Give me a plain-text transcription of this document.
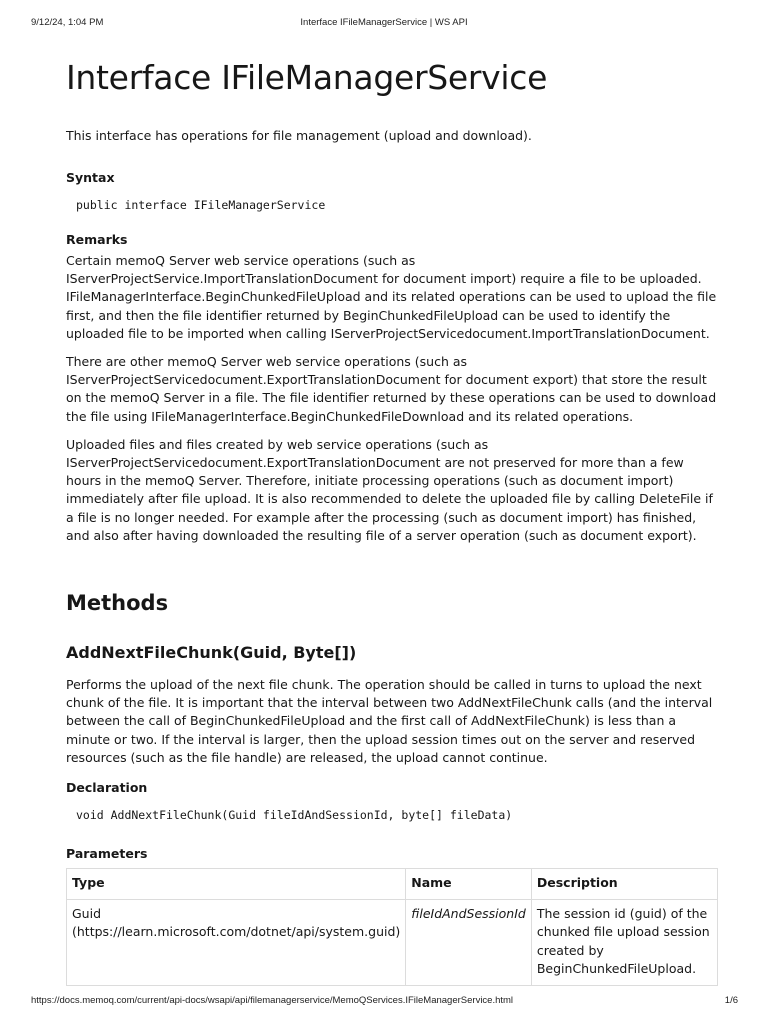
9/12/24, 1:04 PM	Interface IFileManagerService | WS API
Interface IFileManagerService

This interface has operations for file management (upload and download).

Syntax
public interface IFileManagerService
Remarks

Certain memoQ Server web service operations (such as IServerProjectService.ImportTranslationDocument for document import) require a file to be uploaded. IFileManagerInterface.BeginChunkedFileUpload and its related operations can be used to upload the file first, and then the file identifier returned by BeginChunkedFileUpload can be used to identify the uploaded file to be imported when calling IServerProjectServicedocument.ImportTranslationDocument.

There are other memoQ Server web service operations (such as IServerProjectServicedocument.ExportTranslationDocument for document export) that store the result on the memoQ Server in a file. The file identifier returned by these operations can be used to download the file using IFileManagerInterface.BeginChunkedFileDownload and its related operations.

Uploaded files and files created by web service operations (such as IServerProjectServicedocument.ExportTranslationDocument are not preserved for more than a few hours in the memoQ Server. Therefore, initiate processing operations (such as document import) immediately after file upload. It is also recommended to delete the uploaded file by calling DeleteFile if a file is no longer needed. For example after the processing (such as document import) has finished, and also after having downloaded the resulting file of a server operation (such as document export).

Methods
AddNextFileChunk(Guid, Byte[])

Performs the upload of the next file chunk. The operation should be called in turns to upload the next chunk of the file. It is important that the interval between two AddNextFileChunk calls (and the interval between the call of BeginChunkedFileUpload and the first call of AddNextFileChunk) is less than a minute or two. If the interval is larger, then the upload session times out on the server and reserved resources (such as the file handle) are released, the upload cannot continue.

Declaration
void AddNextFileChunk(Guid fileIdAndSessionId, byte[] fileData)
Parameters
Type	Name	Description
Guid (https://learn.microsoft.com/dotnet/api/system.guid)	fileIdAndSessionId	The session id (guid) of the chunked file upload session created by BeginChunkedFileUpload.
https://docs.memoq.com/current/api-docs/wsapi/api/filemanagerservice/MemoQServices.IFileManagerService.html	1/6
